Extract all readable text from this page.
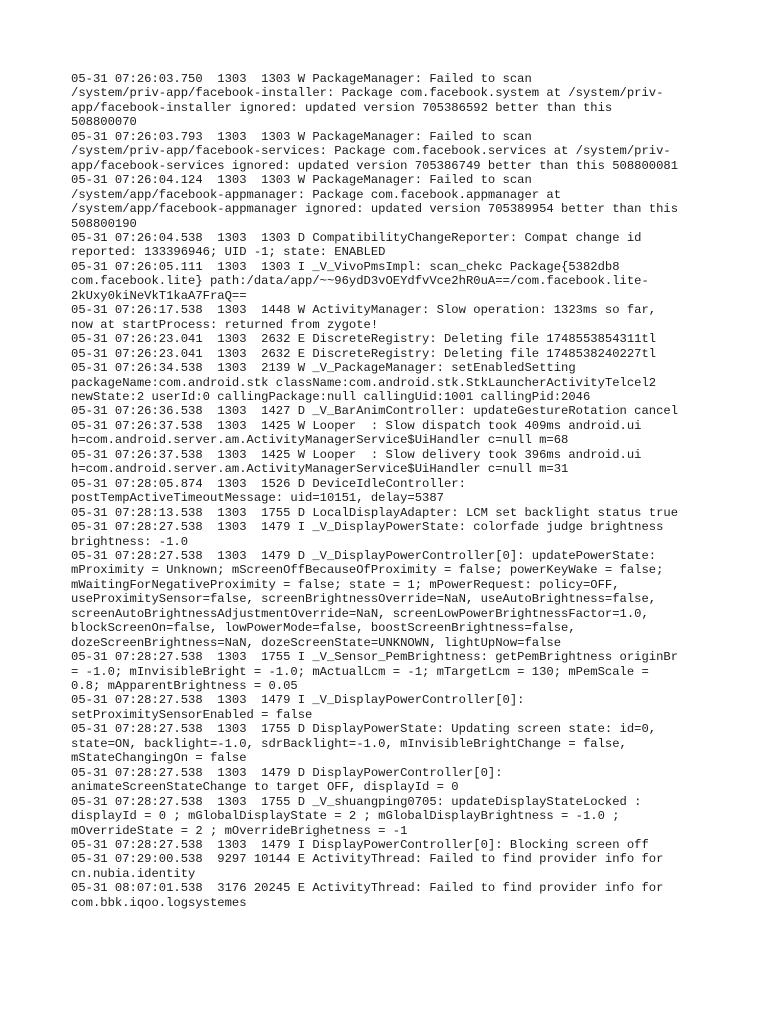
05-31 07:26:03.750  1303  1303 W PackageManager: Failed to scan
/system/priv-app/facebook-installer: Package com.facebook.system at /system/priv-
app/facebook-installer ignored: updated version 705386592 better than this
508800070
05-31 07:26:03.793  1303  1303 W PackageManager: Failed to scan
/system/priv-app/facebook-services: Package com.facebook.services at /system/priv-
app/facebook-services ignored: updated version 705386749 better than this 508800081
05-31 07:26:04.124  1303  1303 W PackageManager: Failed to scan
/system/app/facebook-appmanager: Package com.facebook.appmanager at
/system/app/facebook-appmanager ignored: updated version 705389954 better than this
508800190
05-31 07:26:04.538  1303  1303 D CompatibilityChangeReporter: Compat change id
reported: 133396946; UID -1; state: ENABLED
05-31 07:26:05.111  1303  1303 I _V_VivoPmsImpl: scan_chekc Package{5382db8
com.facebook.lite} path:/data/app/~~96ydD3vOEYdfvVce2hR0uA==/com.facebook.lite-
2kUxy0kiNeVkT1kaA7FraQ==
05-31 07:26:17.538  1303  1448 W ActivityManager: Slow operation: 1323ms so far,
now at startProcess: returned from zygote!
05-31 07:26:23.041  1303  2632 E DiscreteRegistry: Deleting file 1748553854311tl
05-31 07:26:23.041  1303  2632 E DiscreteRegistry: Deleting file 1748538240227tl
05-31 07:26:34.538  1303  2139 W _V_PackageManager: setEnabledSetting
packageName:com.android.stk className:com.android.stk.StkLauncherActivityTelcel2
newState:2 userId:0 callingPackage:null callingUid:1001 callingPid:2046
05-31 07:26:36.538  1303  1427 D _V_BarAnimController: updateGestureRotation cancel
05-31 07:26:37.538  1303  1425 W Looper  : Slow dispatch took 409ms android.ui
h=com.android.server.am.ActivityManagerService$UiHandler c=null m=68
05-31 07:26:37.538  1303  1425 W Looper  : Slow delivery took 396ms android.ui
h=com.android.server.am.ActivityManagerService$UiHandler c=null m=31
05-31 07:28:05.874  1303  1526 D DeviceIdleController:
postTempActiveTimeoutMessage: uid=10151, delay=5387
05-31 07:28:13.538  1303  1755 D LocalDisplayAdapter: LCM set backlight status true
05-31 07:28:27.538  1303  1479 I _V_DisplayPowerState: colorfade judge brightness
brightness: -1.0
05-31 07:28:27.538  1303  1479 D _V_DisplayPowerController[0]: updatePowerState:
mProximity = Unknown; mScreenOffBecauseOfProximity = false; powerKeyWake = false;
mWaitingForNegativeProximity = false; state = 1; mPowerRequest: policy=OFF,
useProximitySensor=false, screenBrightnessOverride=NaN, useAutoBrightness=false,
screenAutoBrightnessAdjustmentOverride=NaN, screenLowPowerBrightnessFactor=1.0,
blockScreenOn=false, lowPowerMode=false, boostScreenBrightness=false,
dozeScreenBrightness=NaN, dozeScreenState=UNKNOWN, lightUpNow=false
05-31 07:28:27.538  1303  1755 I _V_Sensor_PemBrightness: getPemBrightness originBr
= -1.0; mInvisibleBright = -1.0; mActualLcm = -1; mTargetLcm = 130; mPemScale =
0.8; mApparentBrightness = 0.05
05-31 07:28:27.538  1303  1479 I _V_DisplayPowerController[0]:
setProximitySensorEnabled = false
05-31 07:28:27.538  1303  1755 D DisplayPowerState: Updating screen state: id=0,
state=ON, backlight=-1.0, sdrBacklight=-1.0, mInvisibleBrightChange = false,
mStateChangingOn = false
05-31 07:28:27.538  1303  1479 D DisplayPowerController[0]:
animateScreenStateChange to target OFF, displayId = 0
05-31 07:28:27.538  1303  1755 D _V_shuangping0705: updateDisplayStateLocked :
displayId = 0 ; mGlobalDisplayState = 2 ; mGlobalDisplayBrightness = -1.0 ;
mOverrideState = 2 ; mOverrideBrighetness = -1
05-31 07:28:27.538  1303  1479 I DisplayPowerController[0]: Blocking screen off
05-31 07:29:00.538  9297 10144 E ActivityThread: Failed to find provider info for
cn.nubia.identity
05-31 08:07:01.538  3176 20245 E ActivityThread: Failed to find provider info for
com.bbk.iqoo.logsystemes
